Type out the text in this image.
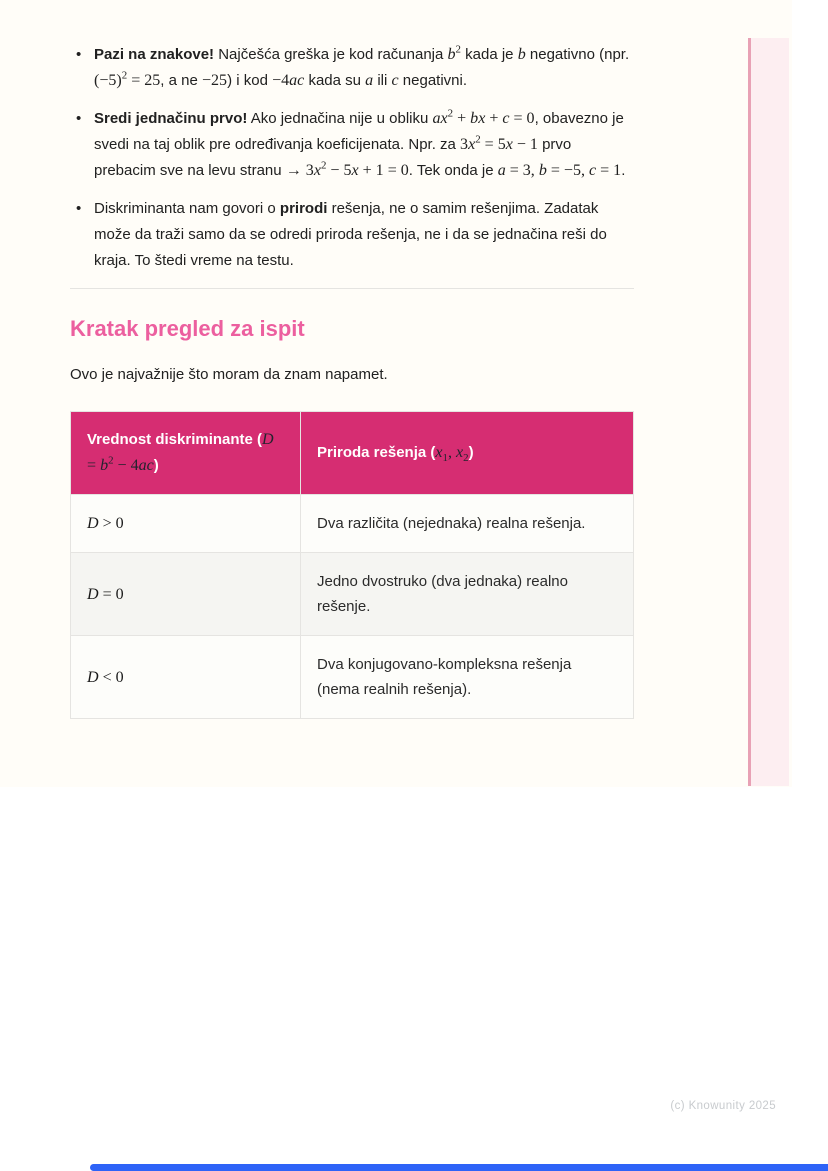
• Pazi na znakove! Najčešća greška je kod računanja $b^2$ kada je b negativno (npr. $(-5)^2 = 25$, a ne −25) i kod −4ac kada su a ili c negativni.
• Sredi jednačinu prvo! Ako jednačina nije u obliku $ax^2$ + bx + c = 0, obavezno je svedi na taj oblik pre određivanja koeficijenata. Npr. za $3x^2 = 5x - 1$ prvo prebacim sve na levu stranu → $3x^2 - 5x + 1 = 0$. Tek onda je a = 3, b = −5, c = 1.
• Diskriminanta nam govori o prirodi rešenja, ne o samim rešenjima. Zadatak može da traži samo da se odredi priroda rešenja, ne i da se jednačina reši do kraja. To štedi vreme na testu.
Kratak pregled za ispit

Ovo je najvažnije što moram da znam napamet.

Vrednost diskriminante $(D = b^2 - 4ac)$	Priroda rešenja ($x_1$, $x_2$)
D > 0	Dva različita (nejednaka) realna rešenja.
D = 0	Jedno dvostruko (dva jednaka) realno rešenje.
D < 0	Dva konjugovano-kompleksna rešenja (nema realnih rešenja).
(c) Knowunity 2025
